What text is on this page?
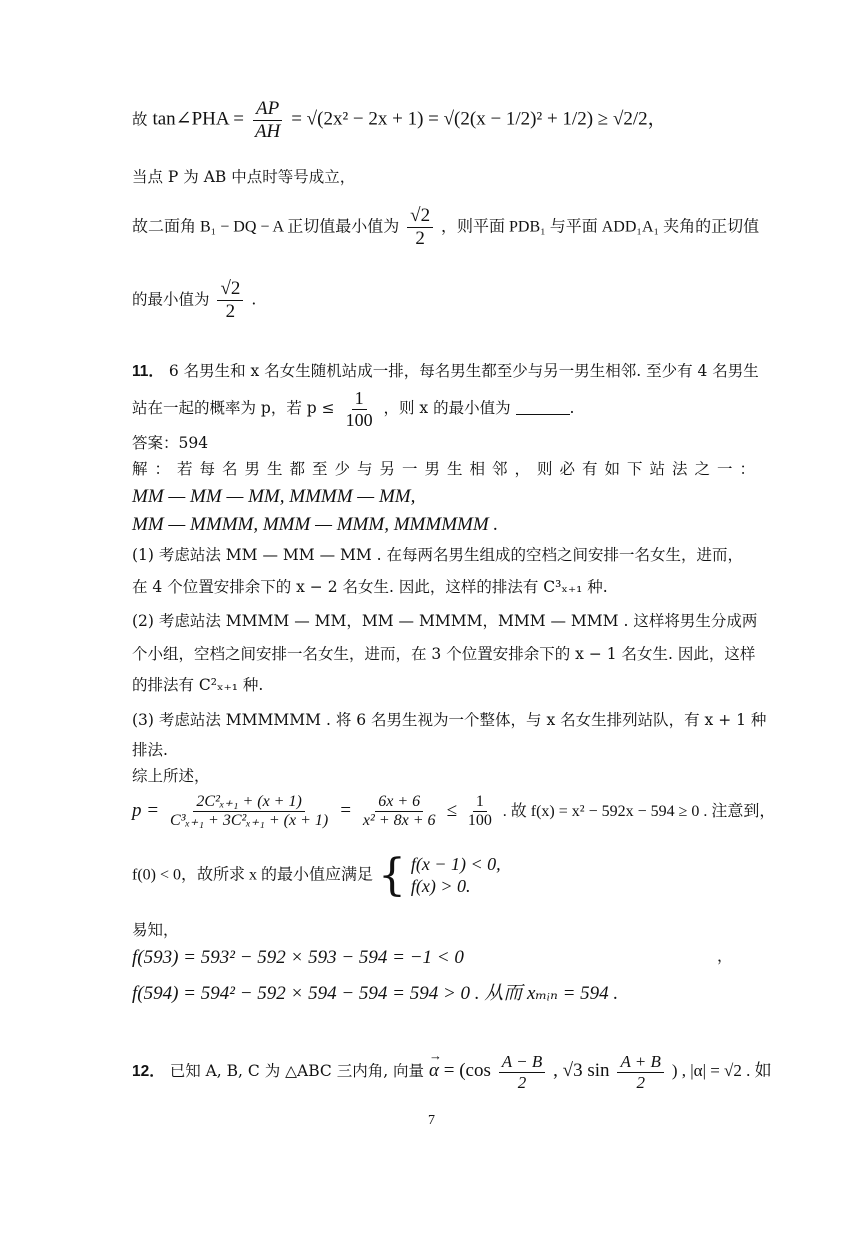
故 tan∠PHA = $\frac{AP}{AH} = √(2x^2 - 2x + 1) = √(2(x - 1/2)^2 + 1/2) \ge √2/2$，
当点 P 为 AB 中点时等号成立，
故二面角 B₁ − DQ − A 正切值最小值为 $\frac{√2}{2}$ ，则平面 PDB₁ 与平面 ADD₁A₁ 夹角的正切值
的最小值为 $\frac{√2}{2}$ .
11． 6 名男生和 x 名女生随机站成一排，每名男生都至少与另一男生相邻. 至少有 4 名男生
站在一起的概率为 p，若 $p \le \frac{1}{100}$ ，则 x 的最小值为	.
答案：594
解：若每名男生都至少与另一男生相邻，则必有如下站法之一：
MM — MM — MM, MMMM — MM,
MM — MMMM, MMM — MMM, MMMMMM .
(1) 考虑站法 MM — MM — MM . 在每两名男生组成的空档之间安排一名女生，进而，
在 4 个位置安排余下的 x − 2 名女生. 因此，这样的排法有 C³ₓ₊₁ 种.
(2) 考虑站法 MMMM — MM，MM — MMMM，MMM — MMM . 这样将男生分成两
个小组，空档之间安排一名女生，进而，在 3 个位置安排余下的 x − 1 名女生. 因此，这样
的排法有 C²ₓ₊₁ 种.
(3) 考虑站法 MMMMMM . 将 6 名男生视为一个整体，与 x 名女生排列站队，有 x + 1 种
排法.
综上所述，
$p = \frac{\text{2C²ₓ₊₁ + (x + 1)}}{\text{C³ₓ₊₁ + 3C²ₓ₊₁ + (x + 1)}} = \frac{6x + 6}{\text{x² + 8x + 6}} \le \frac{1}{100}$ . 故 f(x) = x² − 592x − 594 ≥ 0 . 注意到，
f(0) < 0，故所求 x 的最小值应满足 { f(x − 1) < 0,
f(x) > 0.
易知，
f(593) = 593² − 592 × 593 − 594 = −1 < 0	，
f(594) = 594² − 592 × 594 − 594 = 594 > 0 . 从而 xₘᵢₙ = 594 .
12． 已知 A, B, C 为 △ABC 三内角, 向量
→
$\alpha = (\cos \frac{A - B}{2}$ , √3 $\sin \frac{A + B}{2}$ ) , |α| = √2 . 如
7
